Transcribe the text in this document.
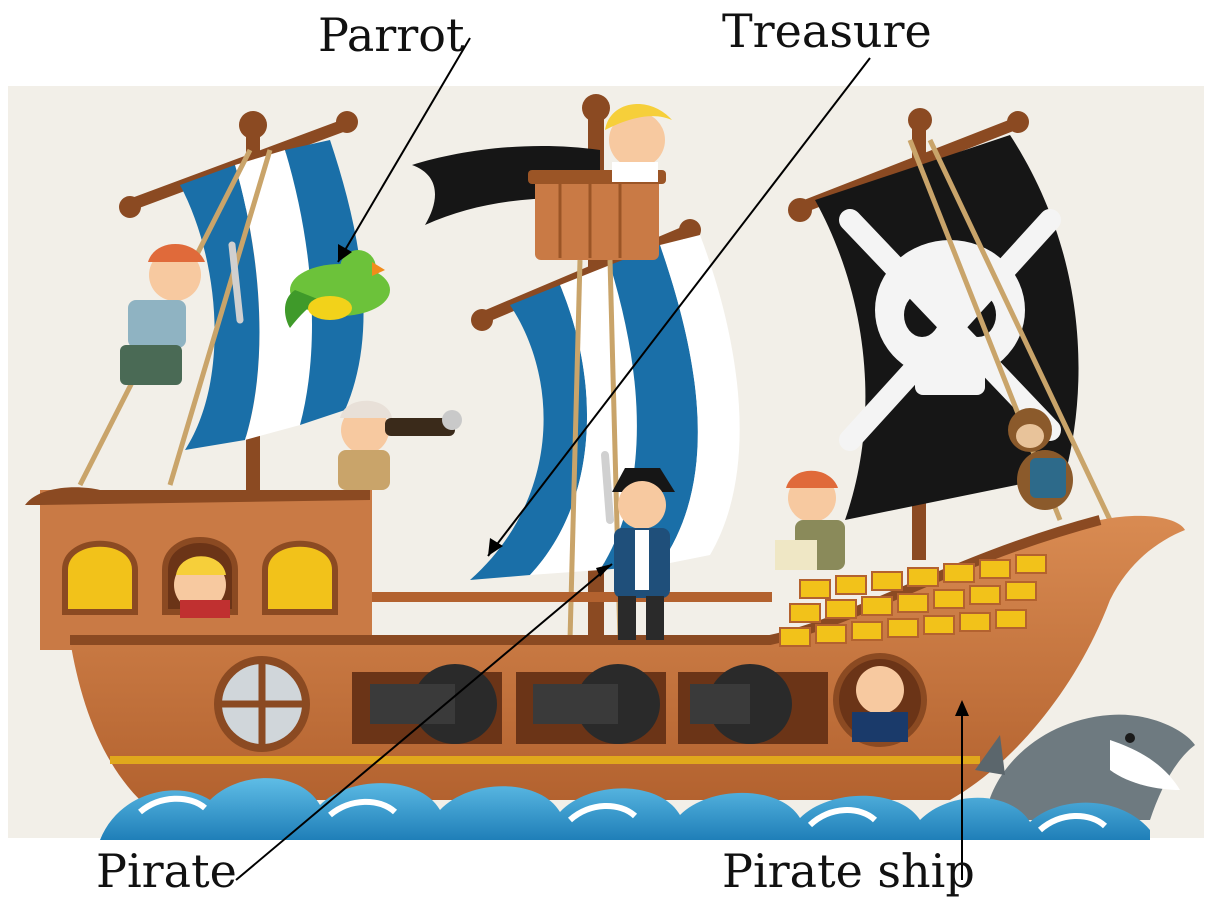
Parrot	Treasure
Pirate	Pirate ship
